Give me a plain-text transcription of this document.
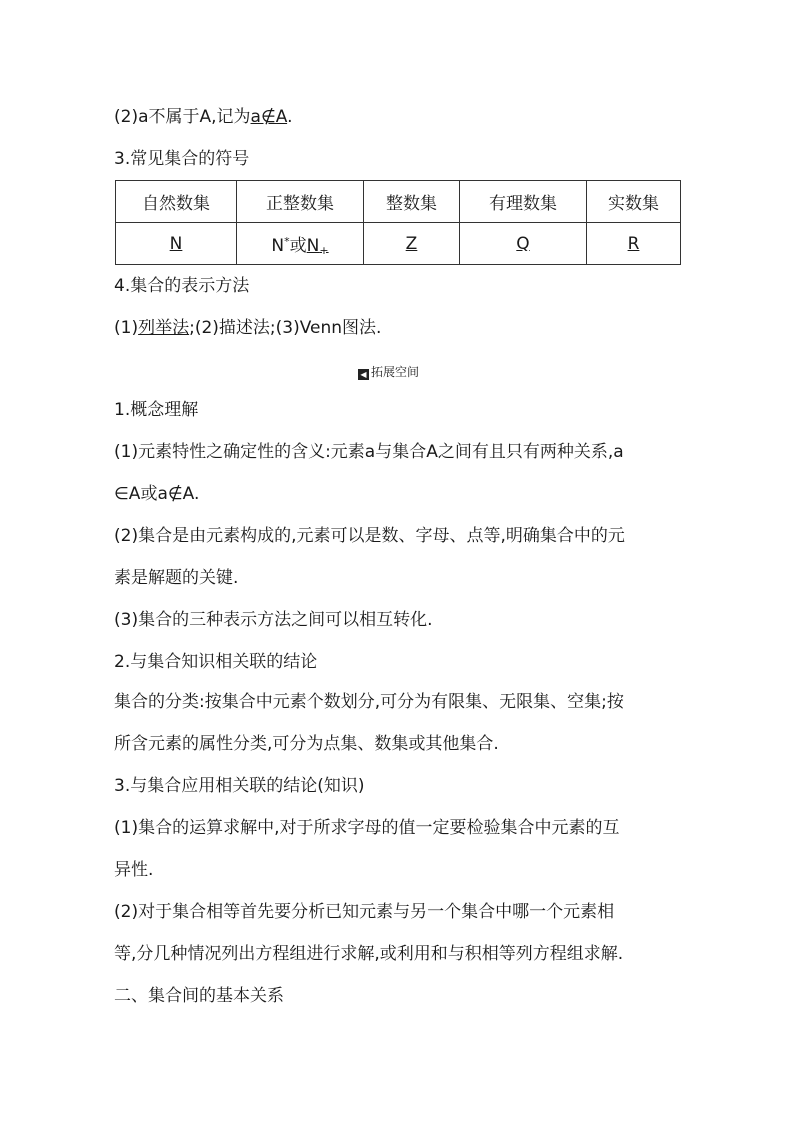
(2)a不属于A,记为a∉A.
3.常见集合的符号
自然数集	正整数集	整数集	有理数集	实数集
N	N*或$N_+$	Z	Q	R
4.集合的表示方法
(1)列举法;(2)描述法;(3)Venn图法.
◀ 拓展空间
1.概念理解
(1)元素特性之确定性的含义:元素a与集合A之间有且只有两种关系,a
∈A或a∉A.
(2)集合是由元素构成的,元素可以是数、字母、点等,明确集合中的元
素是解题的关键.
(3)集合的三种表示方法之间可以相互转化.
2.与集合知识相关联的结论
集合的分类:按集合中元素个数划分,可分为有限集、无限集、空集;按
所含元素的属性分类,可分为点集、数集或其他集合.
3.与集合应用相关联的结论(知识)
(1)集合的运算求解中,对于所求字母的值一定要检验集合中元素的互
异性.
(2)对于集合相等首先要分析已知元素与另一个集合中哪一个元素相
等,分几种情况列出方程组进行求解,或利用和与积相等列方程组求解.
二、集合间的基本关系
